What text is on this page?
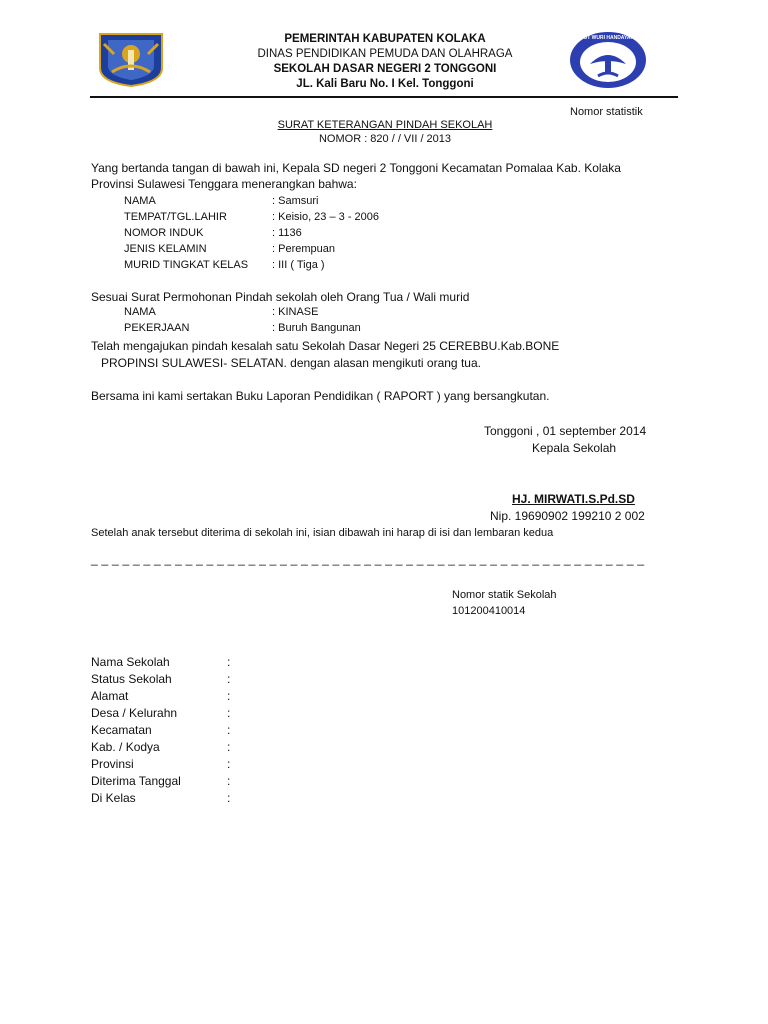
TUT WURI HANDAYANI
PEMERINTAH KABUPATEN KOLAKA
DINAS PENDIDIKAN PEMUDA DAN OLAHRAGA
SEKOLAH DASAR NEGERI 2 TONGGONI
JL. Kali Baru No. I Kel. Tonggoni
Nomor statistik
SURAT KETERANGAN PINDAH SEKOLAH
NOMOR : 820 / / VII / 2013
Yang bertanda tangan di bawah ini, Kepala SD negeri 2 Tonggoni Kecamatan Pomalaa Kab. Kolaka
Provinsi Sulawesi Tenggara menerangkan bahwa:
NAMA	: Samsuri
TEMPAT/TGL.LAHIR	: Keisio, 23 – 3 - 2006
NOMOR INDUK	: 1136
JENIS KELAMIN	: Perempuan
MURID TINGKAT KELAS : III ( Tiga )
Sesuai Surat Permohonan Pindah sekolah oleh Orang Tua / Wali murid
NAMA	: KINASE
PEKERJAAN	: Buruh Bangunan
Telah mengajukan pindah kesalah satu Sekolah Dasar Negeri 25 CEREBBU.Kab.BONE
PROPINSI SULAWESI- SELATAN. dengan alasan mengikuti orang tua.
Bersama ini kami sertakan Buku Laporan Pendidikan ( RAPORT ) yang bersangkutan.
Tonggoni , 01 september 2014
Kepala Sekolah
HJ. MIRWATI.S.Pd.SD
Nip. 19690902 199210 2 002
Setelah anak tersebut diterima di sekolah ini, isian dibawah ini harap di isi dan lembaran kedua
_ _ _ _ _ _ _ _ _ _ _ _ _ _ _ _ _ _ _ _ _ _ _ _ _ _ _ _ _ _ _ _ _ _ _ _ _ _ _ _ _ _ _ _ _ _ _ _ _ _ _ _ _
Nomor statik Sekolah
101200410014
Nama Sekolah	:
Status Sekolah	:
Alamat	:
Desa / Kelurahn	:
Kecamatan	:
Kab. / Kodya	:
Provinsi	:
Diterima Tanggal	:
Di Kelas	:
